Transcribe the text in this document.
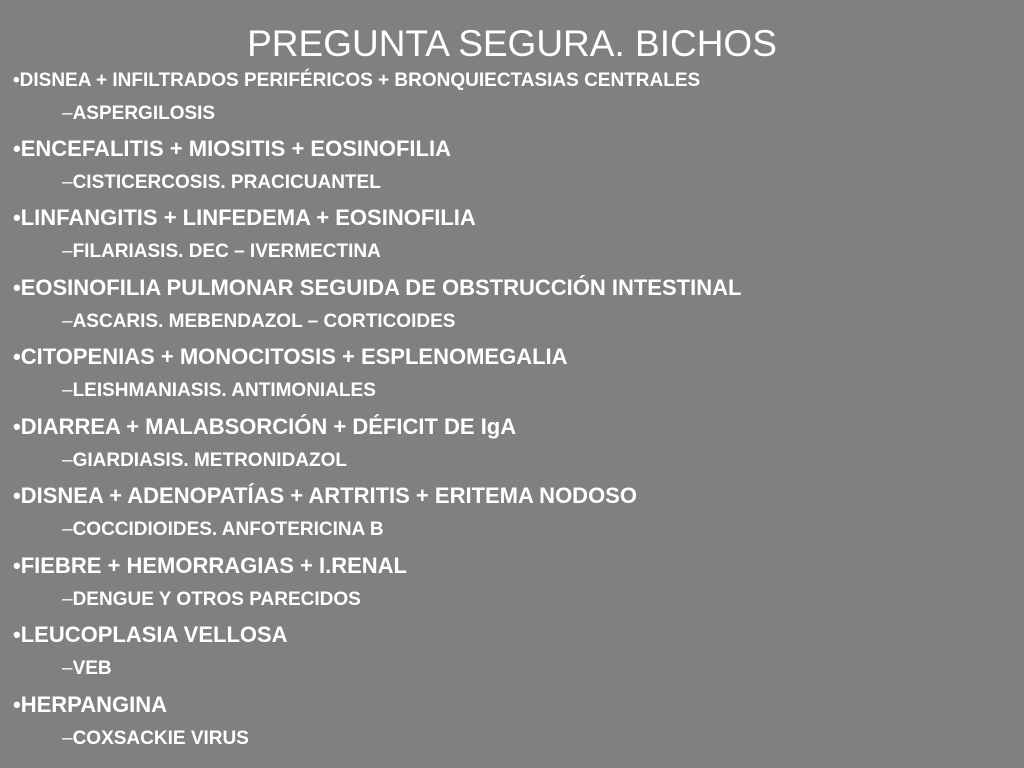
PREGUNTA SEGURA. BICHOS
•DISNEA + INFILTRADOS PERIFÉRICOS + BRONQUIECTASIAS CENTRALES
–ASPERGILOSIS
•ENCEFALITIS + MIOSITIS + EOSINOFILIA
–CISTICERCOSIS. PRACICUANTEL
•LINFANGITIS + LINFEDEMA + EOSINOFILIA
–FILARIASIS. DEC – IVERMECTINA
•EOSINOFILIA PULMONAR SEGUIDA DE OBSTRUCCIÓN INTESTINAL
–ASCARIS. MEBENDAZOL – CORTICOIDES
•CITOPENIAS + MONOCITOSIS + ESPLENOMEGALIA
–LEISHMANIASIS. ANTIMONIALES
•DIARREA + MALABSORCIÓN + DÉFICIT DE IgA
–GIARDIASIS. METRONIDAZOL
•DISNEA + ADENOPATÍAS + ARTRITIS + ERITEMA NODOSO
–COCCIDIOIDES. ANFOTERICINA B
•FIEBRE + HEMORRAGIAS + I.RENAL
–DENGUE Y OTROS PARECIDOS
•LEUCOPLASIA VELLOSA
–VEB
•HERPANGINA
–COXSACKIE VIRUS
